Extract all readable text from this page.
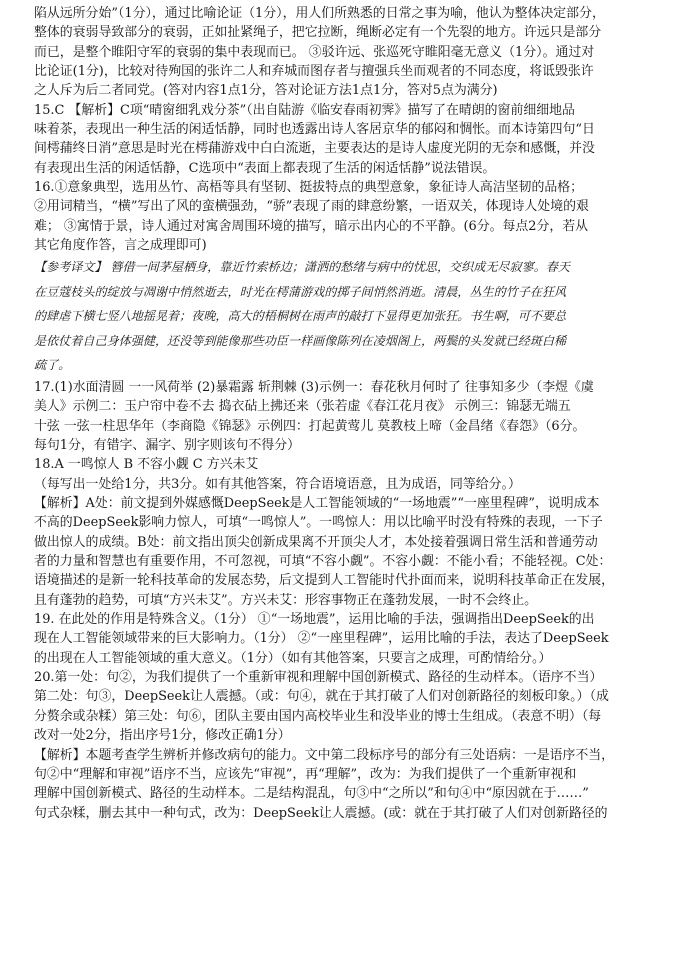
陷从远所分始”（1分），通过比喻论证（1分），用人们所熟悉的日常之事为喻，他认为整体决定部分，
整体的衰弱导致部分的衰弱，正如扯紧绳子，把它拉断，绳断必定有一个先裂的地方。许远只是部分
而已，是整个睢阳守军的衰弱的集中表现而已。 ③驳许远、张巡死守睢阳毫无意义（1分）。通过对
比论证(1分)，比较对待殉国的张许二人和弃城而图存者与擅强兵坐而观者的不同态度，将诋毁张许
之人斥为后二者同党。(答对内容1点1分，答对论证方法1点1分，答对5点为满分)
15.C 【解析】C项“晴窗细乳戏分茶”（出自陆游《临安春雨初霁》描写了在晴朗的窗前细细地品
味着茶，表现出一种生活的闲适恬静，同时也透露出诗人客居京华的郁闷和惆怅。而本诗第四句“日
间樗蒱终日消”意思是时光在樗蒱游戏中白白流逝，主要表达的是诗人虚度光阴的无奈和感慨，并没
有表现出生活的闲适恬静，C选项中“表面上都表现了生活的闲适恬静”说法错误。
16.①意象典型，选用丛竹、高梧等具有坚韧、挺拔特点的典型意象，象征诗人高洁坚韧的品格；
②用词精当，“横”写出了风的蛮横强劲，“骄”表现了雨的肆意纷繁，一语双关，体现诗人处境的艰
难； ③寓情于景，诗人通过对寓舍周围环境的描写，暗示出内心的不平静。(6分。每点2分，若从
其它角度作答，言之成理即可)
【参考译文】 簪借一间茅屋栖身，靠近竹索桥边；潇洒的愁绪与病中的忧思，交织成无尽寂寥。春天
在豆蔻枝头的绽放与凋谢中悄然逝去，时光在樗蒲游戏的掷子间悄然消逝。清晨，丛生的竹子在狂风
的肆虐下横七竖八地摇晃着；夜晚，高大的梧桐树在雨声的敲打下显得更加张狂。书生啊，可不要总
是依仗着自己身体强健，还没等到能像那些功臣一样画像陈列在凌烟阁上，两鬓的头发就已经斑白稀
疏了。
17.(1)水面清圆 一一风荷举 (2)暴霜露 斩荆棘 (3)示例一：春花秋月何时了 往事知多少（李煜《虞
美人》示例二：玉户帘中卷不去 捣衣砧上拂还来（张若虚《春江花月夜》 示例三：锦瑟无端五
十弦 一弦一柱思华年（李商隐《锦瑟》示例四：打起黄莺儿 莫教枝上啼（金昌绪《春怨》（6分。
每句1分，有错字、漏字、别字则该句不得分）
18.A 一鸣惊人 B 不容小觑 C 方兴未艾
（每写出一处给1分，共3分。如有其他答案，符合语境语意，且为成语，同等给分。）
【解析】A处：前文提到外媒感慨DeepSeek是人工智能领域的“一场地震”“一座里程碑”，说明成本
不高的DeepSeek影响力惊人，可填“一鸣惊人”。一鸣惊人：用以比喻平时没有特殊的表现，一下子
做出惊人的成绩。B处：前文指出顶尖创新成果离不开顶尖人才，本处接着强调日常生活和普通劳动
者的力量和智慧也有重要作用，不可忽视，可填“不容小觑”。不容小觑：不能小看；不能轻视。C处：
语境描述的是新一轮科技革命的发展态势，后文提到人工智能时代扑面而来，说明科技革命正在发展，
且有蓬勃的趋势，可填“方兴未艾”。方兴未艾：形容事物正在蓬勃发展，一时不会终止。
19. 在此处的作用是特殊含义。（1分） ①“一场地震”，运用比喻的手法，强调指出DeepSeek的出
现在人工智能领域带来的巨大影响力。（1分） ②“一座里程碑”，运用比喻的手法，表达了DeepSeek
的出现在人工智能领域的重大意义。（1分）（如有其他答案，只要言之成理，可酌情给分。）
20.第一处：句②，为我们提供了一个重新审视和理解中国创新模式、路径的生动样本。（语序不当）
第二处：句③，DeepSeek让人震撼。（或：句④，就在于其打破了人们对创新路径的刻板印象。）（成
分赘余或杂糅）第三处：句⑥，团队主要由国内高校毕业生和没毕业的博士生组成。（表意不明）（每
改对一处2分，指出序号1分，修改正确1分）
【解析】本题考查学生辨析并修改病句的能力。文中第二段标序号的部分有三处语病：一是语序不当，
句②中“理解和审视”语序不当，应该先“审视”，再“理解”，改为：为我们提供了一个重新审视和
理解中国创新模式、路径的生动样本。二是结构混乱，句③中“之所以”和句④中“原因就在于……”
句式杂糅，删去其中一种句式，改为：DeepSeek让人震撼。(或：就在于其打破了人们对创新路径的
